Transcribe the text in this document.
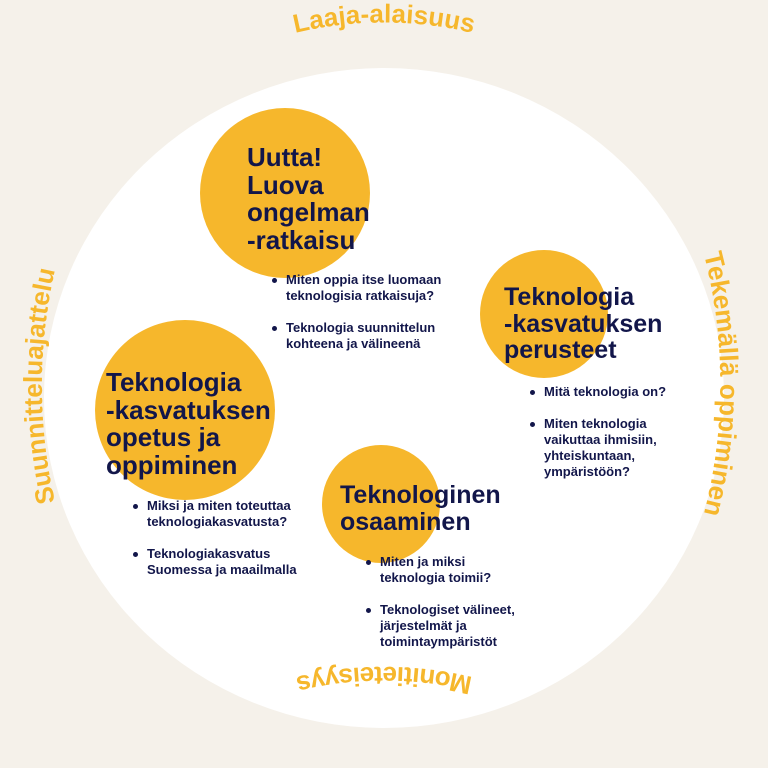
Laaja-alaisuus
Tekemällä oppiminen
Monitieteisyys
Suunnitteluajattelu

Uutta!
Luova
ongelman
-ratkaisu

Miten oppia itse luomaan
teknologisia ratkaisuja?
Teknologia suunnittelun
kohteena ja välineenä

Teknologia
-kasvatuksen
perusteet

Mitä teknologia on?
Miten teknologia
vaikuttaa ihmisiin,
yhteiskuntaan,
ympäristöön?

Teknologia
-kasvatuksen
opetus ja
oppiminen

Miksi ja miten toteuttaa
teknologiakasvatusta?
Teknologiakasvatus
Suomessa ja maailmalla

Teknologinen
osaaminen

Miten ja miksi
teknologia toimii?
Teknologiset välineet,
järjestelmät ja
toimintaympäristöt
